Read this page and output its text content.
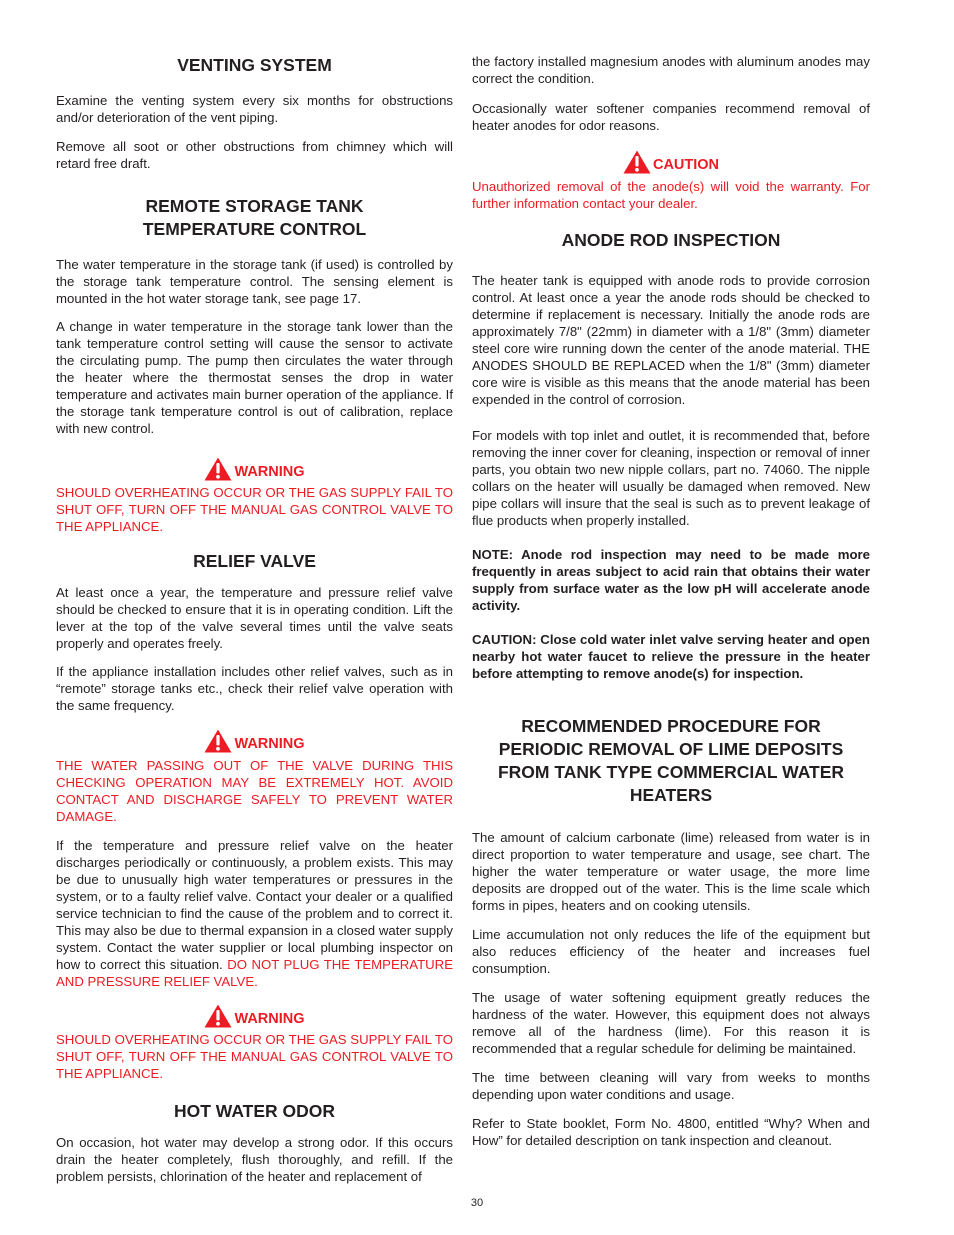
VENTING SYSTEM

Examine the venting system every six months for obstructions and/or deterioration of the vent piping.

Remove all soot or other obstructions from chimney which will retard free draft.

REMOTE STORAGE TANK
TEMPERATURE CONTROL

The water temperature in the storage tank (if used) is controlled by the storage tank temperature control. The sensing element is mounted in the hot water storage tank, see page 17.

A change in water temperature in the storage tank lower than the tank temperature control setting will cause the sensor to activate the circulating pump. The pump then circulates the water through the heater where the thermostat senses the drop in water temperature and activates main burner operation of the appliance. If the storage tank temperature control is out of calibration, replace with new control.

WARNING

SHOULD OVERHEATING OCCUR OR THE GAS SUPPLY FAIL TO SHUT OFF, TURN OFF THE MANUAL GAS CONTROL VALVE TO THE APPLIANCE.

RELIEF VALVE

At least once a year, the temperature and pressure relief valve should be checked to ensure that it is in operating condition. Lift the lever at the top of the valve several times until the valve seats properly and operates freely.

If the appliance installation includes other relief valves, such as in “remote” storage tanks etc., check their relief valve operation with the same frequency.

WARNING

THE WATER PASSING OUT OF THE VALVE DURING THIS CHECKING OPERATION MAY BE EXTREMELY HOT. AVOID CONTACT AND DISCHARGE SAFELY TO PREVENT WATER DAMAGE.

If the temperature and pressure relief valve on the heater discharges periodically or continuously, a problem exists. This may be due to unusually high water temperatures or pressures in the system, or to a faulty relief valve. Contact your dealer or a qualified service technician to find the cause of the problem and to correct it. This may also be due to thermal expansion in a closed water supply system. Contact the water supplier or local plumbing inspector on how to correct this situation. DO NOT PLUG THE TEMPERATURE AND PRESSURE RELIEF VALVE.

WARNING

SHOULD OVERHEATING OCCUR OR THE GAS SUPPLY FAIL TO SHUT OFF, TURN OFF THE MANUAL GAS CONTROL VALVE TO THE APPLIANCE.

HOT WATER ODOR

On occasion, hot water may develop a strong odor. If this occurs drain the heater completely, flush thoroughly, and refill. If the problem persists, chlorination of the heater and replacement of

the factory installed magnesium anodes with aluminum anodes may correct the condition.

Occasionally water softener companies recommend removal of heater anodes for odor reasons.

CAUTION

Unauthorized removal of the anode(s) will void the warranty. For further information contact your dealer.

ANODE ROD INSPECTION

The heater tank is equipped with anode rods to provide corrosion control. At least once a year the anode rods should be checked to determine if replacement is necessary. Initially the anode rods are approximately 7/8" (22mm) in diameter with a 1/8" (3mm) diameter steel core wire running down the center of the anode material. THE ANODES SHOULD BE REPLACED when the 1/8" (3mm) diameter core wire is visible as this means that the anode material has been expended in the control of corrosion.

For models with top inlet and outlet, it is recommended that, before removing the inner cover for cleaning, inspection or removal of inner parts, you obtain two new nipple collars, part no. 74060. The nipple collars on the heater will usually be damaged when removed. New pipe collars will insure that the seal is such as to prevent leakage of flue products when properly installed.

NOTE: Anode rod inspection may need to be made more frequently in areas subject to acid rain that obtains their water supply from surface water as the low pH will accelerate anode activity.

CAUTION: Close cold water inlet valve serving heater and open nearby hot water faucet to relieve the pressure in the heater before attempting to remove anode(s) for inspection.

RECOMMENDED PROCEDURE FOR
PERIODIC REMOVAL OF LIME DEPOSITS
FROM TANK TYPE COMMERCIAL WATER
HEATERS

The amount of calcium carbonate (lime) released from water is in direct proportion to water temperature and usage, see chart. The higher the water temperature or water usage, the more lime deposits are dropped out of the water. This is the lime scale which forms in pipes, heaters and on cooking utensils.

Lime accumulation not only reduces the life of the equipment but also reduces efficiency of the heater and increases fuel consumption.

The usage of water softening equipment greatly reduces the hardness of the water. However, this equipment does not always remove all of the hardness (lime). For this reason it is recommended that a regular schedule for deliming be maintained.

The time between cleaning will vary from weeks to months depending upon water conditions and usage.

Refer to State booklet, Form No. 4800, entitled “Why? When and How” for detailed description on tank inspection and cleanout.

30
